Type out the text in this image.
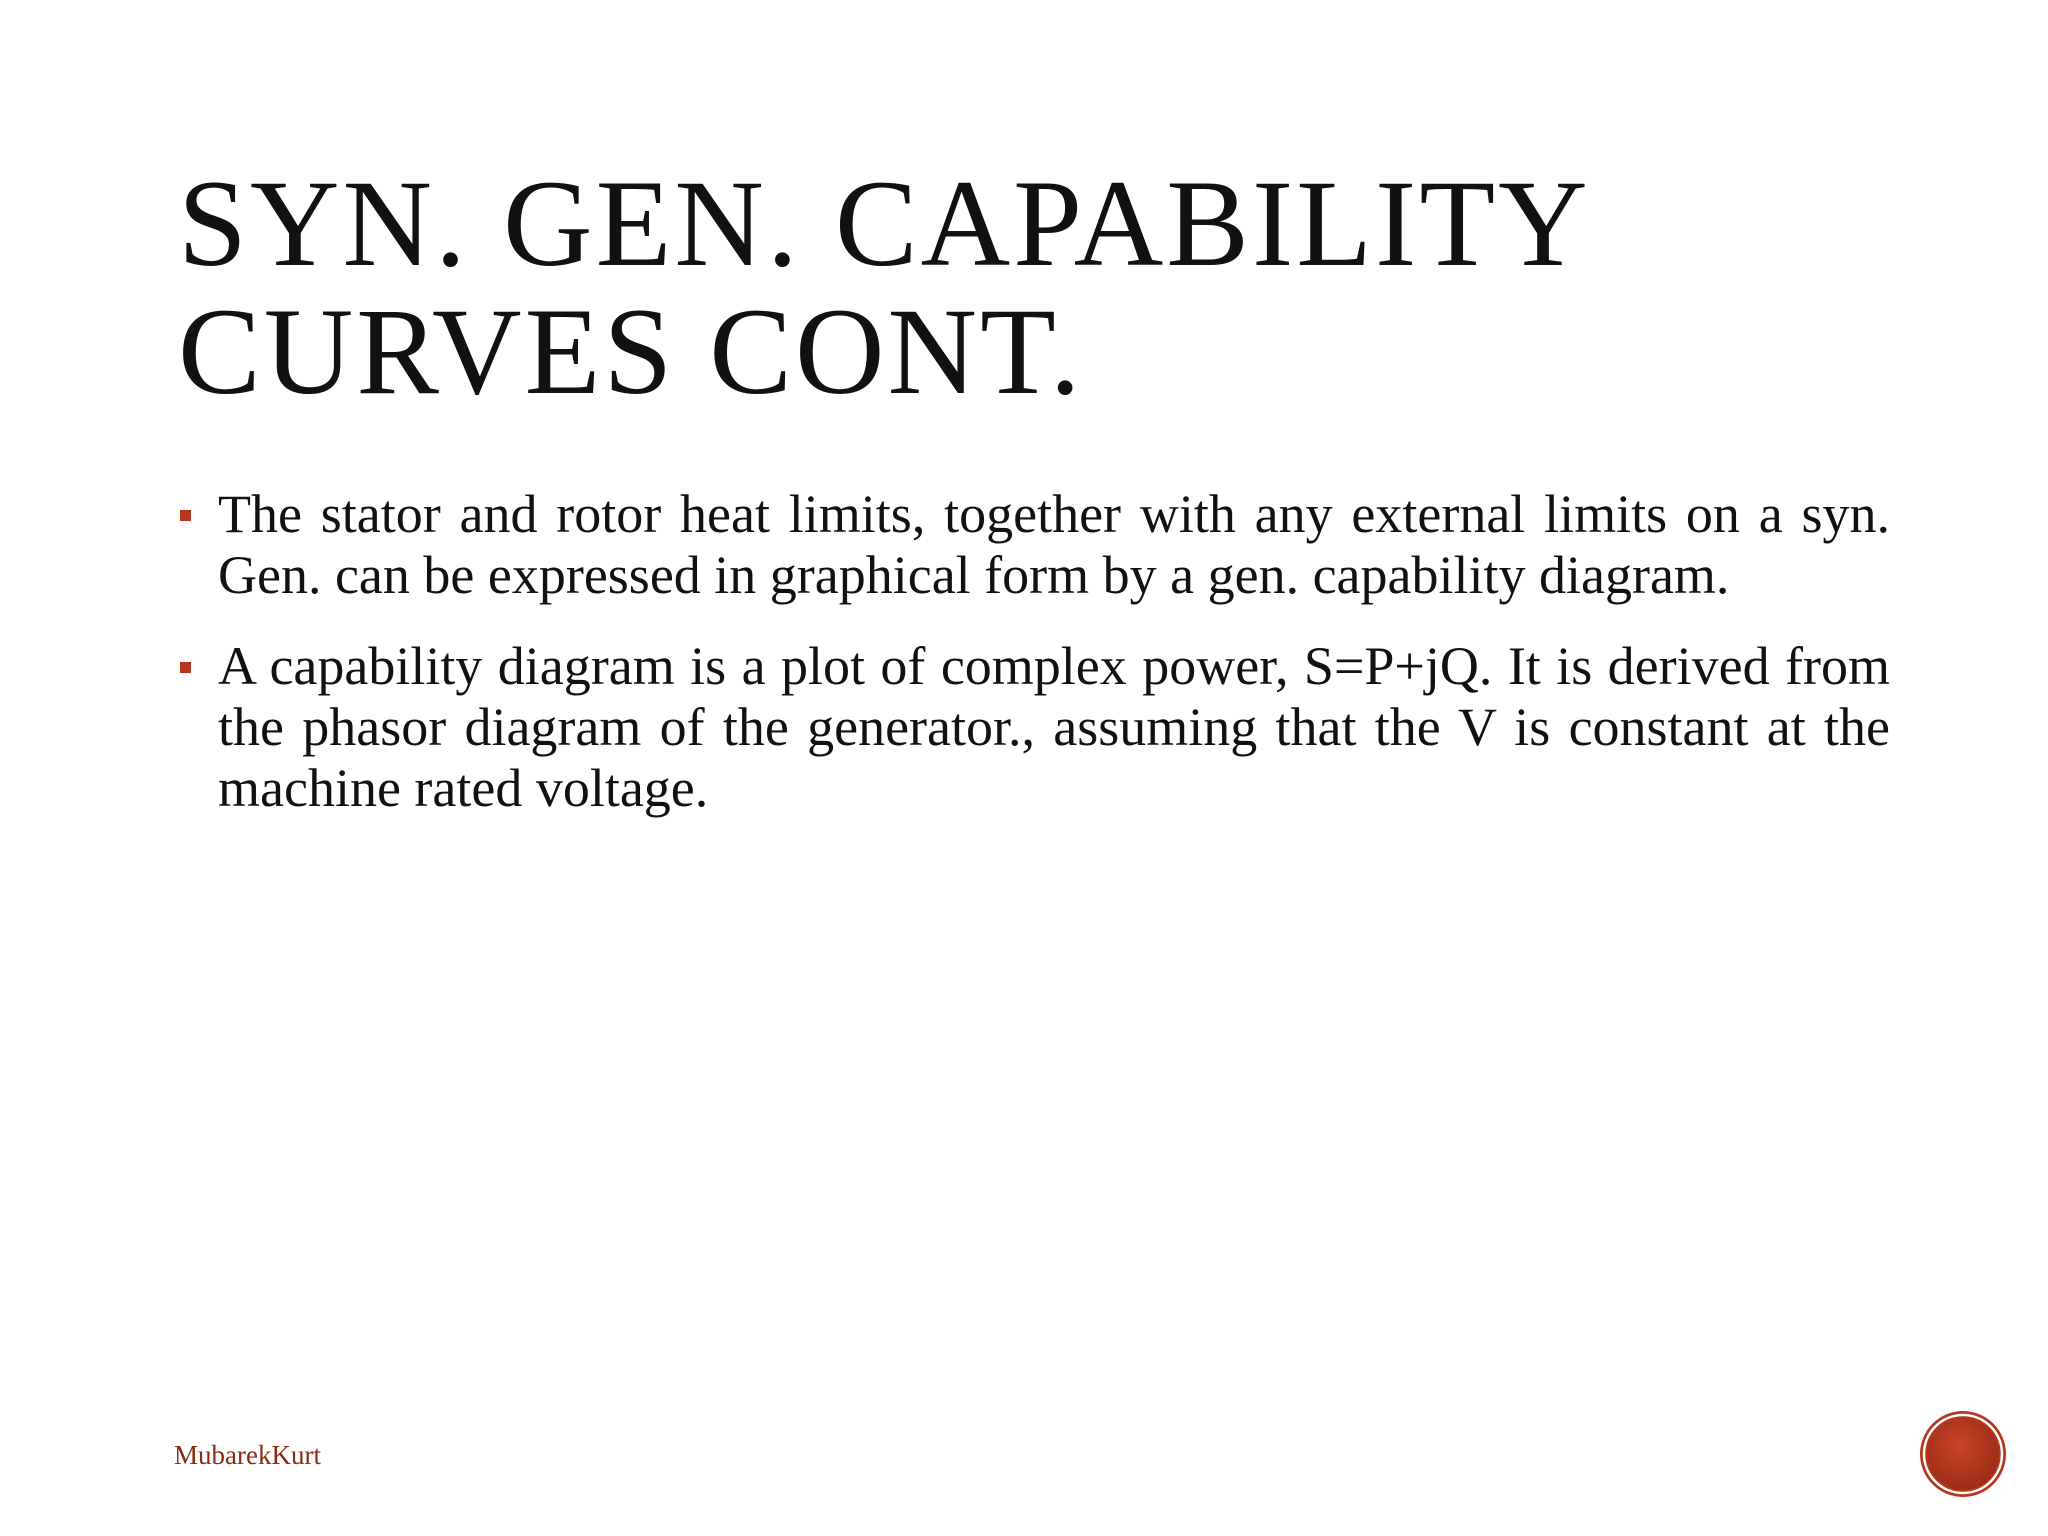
SYN. GEN. CAPABILITY
CURVES CONT.
The stator and rotor heat limits, together with any external limits on a syn. Gen. can be expressed in graphical form by a gen. capability diagram.
A capability diagram is a plot of complex power, S=P+jQ. It is derived from the phasor diagram of the generator., assuming that the V is constant at the machine rated voltage.
MubarekKurt
